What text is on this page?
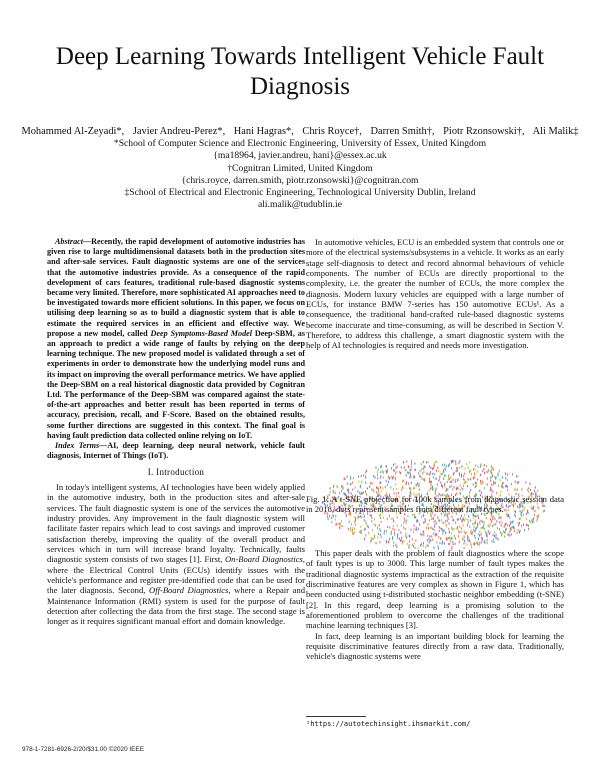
Deep Learning Towards Intelligent Vehicle Fault Diagnosis
Mohammed Al-Zeyadi*, Javier Andreu-Perez*, Hani Hagras*, Chris Royce†, Darren Smith†, Piotr Rzonsowski†, Ali Malik‡
*School of Computer Science and Electronic Engineering, University of Essex, United Kingdom
{ma18964, javier.andreu, hani}@essex.ac.uk
†Cognitran Limited, United Kingdom
{chris.royce, darren.smith, piotr.rzonsowski}@cognitran.com
‡School of Electrical and Electronic Engineering, Technological University Dublin, Ireland
ali.malik@tudublin.ie

Abstract—Recently, the rapid development of automotive industries has given rise to large multidimensional datasets both in the production sites and after-sale services. Fault diagnostic systems are one of the services that the automotive industries provide. As a consequence of the rapid development of cars features, traditional rule-based diagnostic systems became very limited. Therefore, more sophisticated AI approaches need to be investigated towards more efficient solutions. In this paper, we focus on utilising deep learning so as to build a diagnostic system that is able to estimate the required services in an efficient and effective way. We propose a new model, called Deep Symptoms-Based Model Deep-SBM, as an approach to predict a wide range of faults by relying on the deep learning technique. The new proposed model is validated through a set of experiments in order to demonstrate how the underlying model runs and its impact on improving the overall performance metrics. We have applied the Deep-SBM on a real historical diagnostic data provided by Cognitran Ltd. The performance of the Deep-SBM was compared against the state-of-the-art approaches and better result has been reported in terms of accuracy, precision, recall, and F-Score. Based on the obtained results, some further directions are suggested in this context. The final goal is having fault prediction data collected online relying on IoT.

Index Terms—AI, deep learning, deep neural network, vehicle fault diagnosis, Internet of Things (IoT).

I. Introduction

In today's intelligent systems, AI technologies have been widely applied in the automotive industry, both in the production sites and after-sale services. The fault diagnostic system is one of the services the automotive industry provides. Any improvement in the fault diagnostic system will facilitate faster repairs which lead to cost savings and improved customer satisfaction thereby, improving the quality of the overall product and services which in turn will increase brand loyalty. Technically, faults diagnostic system consists of two stages [1]. First, On-Board Diagnostics, where the Electrical Control Units (ECUs) identify issues with the vehicle's performance and register pre-identified code that can be used for the later diagnosis. Second, Off-Board Diagnostics, where a Repair and Maintenance Information (RMI) system is used for the purpose of fault detection after collecting the data from the first stage. The second stage is longer as it requires significant manual effort and domain knowledge.

In automotive vehicles, ECU is an embedded system that controls one or more of the electrical systems/subsystems in a vehicle. It works as an early stage self-diagnosis to detect and record abnormal behaviours of vehicle components. The number of ECUs are directly proportional to the complexity, i.e. the greater the number of ECUs, the more complex the diagnosis. Modern luxury vehicles are equipped with a large number of ECUs, for instance BMW 7-series has 150 automotive ECUs¹. As a consequence, the traditional hand-crafted rule-based diagnostic systems become inaccurate and time-consuming, as will be described in Section V. Therefore, to address this challenge, a smart diagnostic system with the help of AI technologies is required and needs more investigation.

Fig. 1: A t-SNE projection for 100k samples from diagnostic session data in 2018, dots represent samples from different fault types.

This paper deals with the problem of fault diagnostics where the scope of fault types is up to 3000. This large number of fault types makes the traditional diagnostic systems impractical as the extraction of the requisite discriminative features are very complex as shown in Figure 1, which has been conducted using t-distributed stochastic neighbor embedding (t-SNE) [2]. In this regard, deep learning is a promising solution to the aforementioned problem to overcome the challenges of the traditional machine learning techniques [3].

In fact, deep learning is an important building block for learning the requisite discriminative features directly from a raw data. Traditionally, vehicle's diagnostic systems were

¹https://autotechinsight.ihsmarkit.com/
978-1-7281-6926-2/20/$31.00 ©2020 IEEE
